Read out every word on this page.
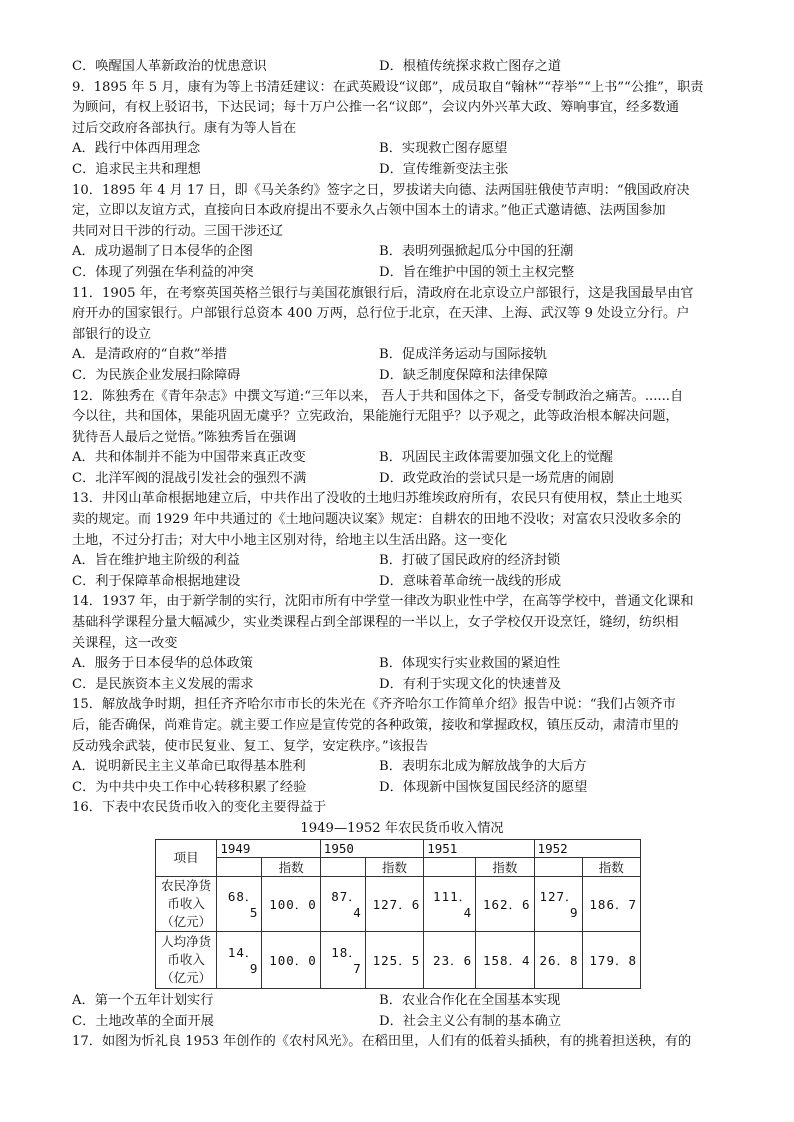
C．唤醒国人革新政治的忧患意识	D．根植传统探求救亡图存之道
9．1895 年 5 月，康有为等上书清廷建议：在武英殿设“议郎”，成员取自“翰林”“荐举”“上书”“公推”，职责
为顾问，有权上驳诏书，下达民词；每十万户公推一名“议郎”，会议内外兴革大政、筹响事宜，经多数通
过后交政府各部执行。康有为等人旨在
A．践行中体西用理念	B．实现救亡图存愿望
C．追求民主共和理想	D．宣传维新变法主张
10．1895 年 4 月 17 日，即《马关条约》签字之日，罗拔诺夫向德、法两国驻俄使节声明：“俄国政府决
定，立即以友谊方式，直接向日本政府提出不要永久占领中国本土的请求。”他正式邀请德、法两国参加
共同对日干涉的行动。三国干涉还辽
A．成功遏制了日本侵华的企图	B．表明列强掀起瓜分中国的狂潮
C．体现了列强在华利益的冲突	D．旨在维护中国的领土主权完整
11．1905 年，在考察英国英格兰银行与美国花旗银行后，清政府在北京设立户部银行，这是我国最早由官
府开办的国家银行。户部银行总资本 400 万两，总行位于北京，在天津、上海、武汉等 9 处设立分行。户
部银行的设立
A．是清政府的“自救”举措	B．促成洋务运动与国际接轨
C．为民族企业发展扫除障碍	D．缺乏制度保障和法律保障
12．陈独秀在《青年杂志》中撰文写道:“三年以来， 吾人于共和国体之下，备受专制政治之痛苦。......自
今以往，共和国体，果能巩固无虞乎？立宪政治，果能施行无阻乎？以予观之，此等政治根本解决问题，
犹待吾人最后之觉悟。”陈独秀旨在强调
A．共和体制并不能为中国带来真正改变	B．巩固民主政体需要加强文化上的觉醒
C．北洋军阀的混战引发社会的强烈不满	D．政党政治的尝试只是一场荒唐的闹剧
13．井冈山革命根据地建立后，中共作出了没收的土地归苏维埃政府所有，农民只有使用权，禁止土地买
卖的规定。而 1929 年中共通过的《土地问题决议案》规定：自耕农的田地不没收；对富农只没收多余的
土地，不过分打击；对大中小地主区别对待，给地主以生活出路。这一变化
A．旨在维护地主阶级的利益	B．打破了国民政府的经济封锁
C．利于保障革命根据地建设	D．意味着革命统一战线的形成
14．1937 年，由于新学制的实行，沈阳市所有中学堂一律改为职业性中学，在高等学校中，普通文化课和
基础科学课程分量大幅减少，实业类课程占到全部课程的一半以上，女子学校仅开设烹饪，缝纫，纺织相
关课程，这一改变
A．服务于日本侵华的总体政策	B．体现实行实业救国的紧迫性
C．是民族资本主义发展的需求	D．有利于实现文化的快速普及
15．解放战争时期，担任齐齐哈尔市市长的朱光在《齐齐哈尔工作简单介绍》报告中说：“我们占领齐市
后，能否确保，尚难肯定。就主要工作应是宣传党的各种政策，接收和掌握政权，镇压反动，肃清市里的
反动残余武装，使市民复业、复工、复学，安定秩序。”该报告
A．说明新民主主义革命已取得基本胜利	B．表明东北成为解放战争的大后方
C．为中共中央工作中心转移积累了经验	D．体现新中国恢复国民经济的愿望
16．下表中农民货币收入的变化主要得益于
1949—1952 年农民货币收入情况
项目	1949		1950		1951		1952	
		指数		指数		指数		指数
农民净货币收入（亿元）	68．5	100．0	87．4	127．6	111．4	162．6	127．9	186．7
人均净货币收入（亿元）	14．9	100．0	18．7	125．5	23．6	158．4	26．8	179．8
A．第一个五年计划实行	B．农业合作化在全国基本实现
C．土地改革的全面开展	D．社会主义公有制的基本确立
17．如图为忻礼良 1953 年创作的《农村风光》。在稻田里，人们有的低着头插秧，有的挑着担送秧，有的
